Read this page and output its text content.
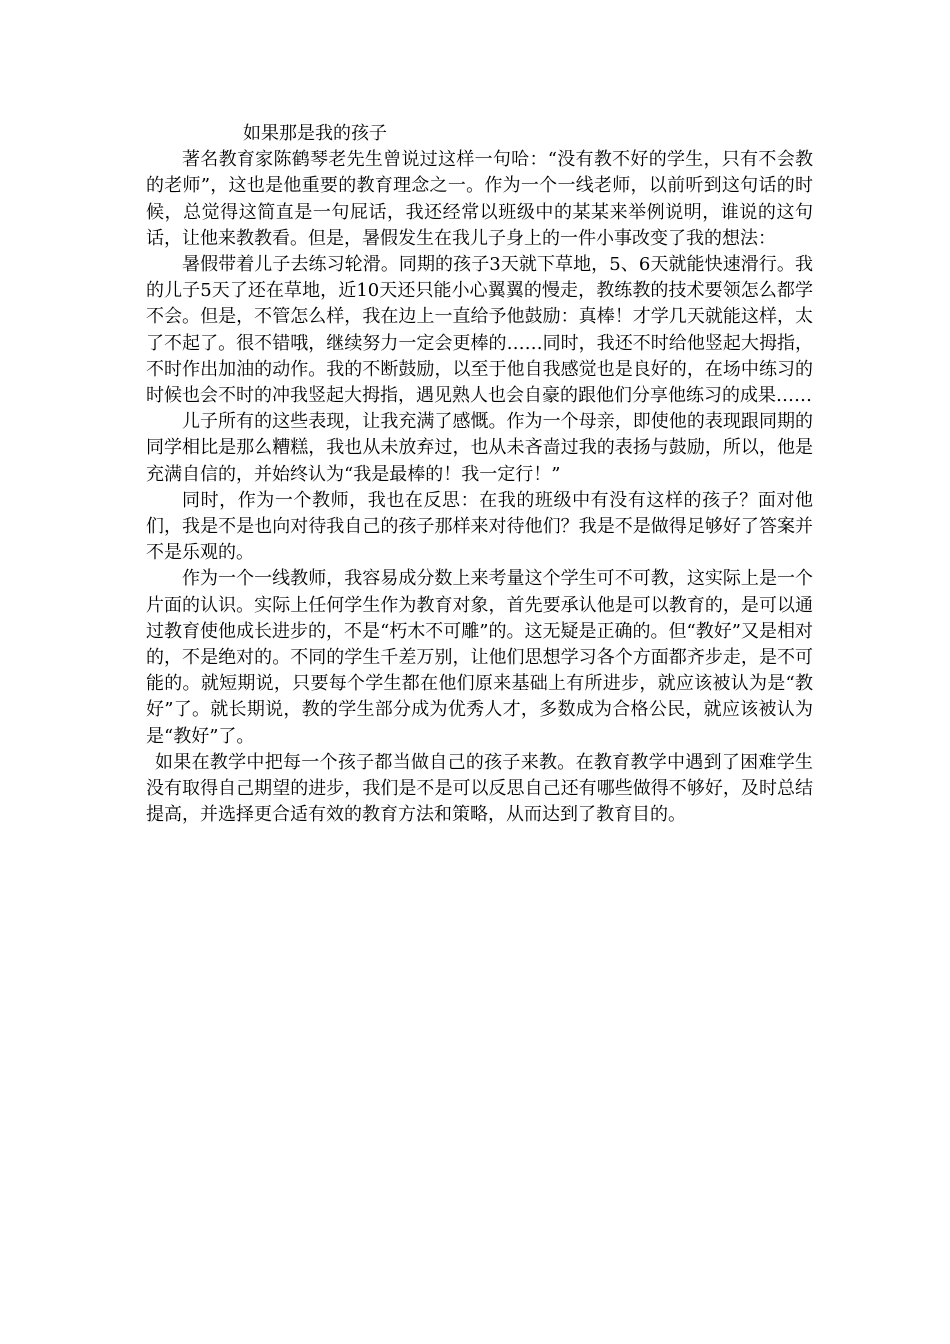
如果那是我的孩子

著名教育家陈鹤琴老先生曾说过这样一句哈：“没有教不好的学生，只有不会教的老师”，这也是他重要的教育理念之一。作为一个一线老师，以前听到这句话的时候，总觉得这简直是一句屁话，我还经常以班级中的某某来举例说明，谁说的这句话，让他来教教看。但是，暑假发生在我儿子身上的一件小事改变了我的想法：

暑假带着儿子去练习轮滑。同期的孩子3天就下草地，5、6天就能快速滑行。我的儿子5天了还在草地，近10天还只能小心翼翼的慢走，教练教的技术要领怎么都学不会。但是，不管怎么样，我在边上一直给予他鼓励：真棒！才学几天就能这样，太了不起了。很不错哦，继续努力一定会更棒的……同时，我还不时给他竖起大拇指，不时作出加油的动作。我的不断鼓励，以至于他自我感觉也是良好的，在场中练习的时候也会不时的冲我竖起大拇指，遇见熟人也会自豪的跟他们分享他练习的成果……

儿子所有的这些表现，让我充满了感慨。作为一个母亲，即使他的表现跟同期的同学相比是那么糟糕，我也从未放弃过，也从未吝啬过我的表扬与鼓励，所以，他是充满自信的，并始终认为“我是最棒的！我一定行！”

同时，作为一个教师，我也在反思：在我的班级中有没有这样的孩子？面对他们，我是不是也向对待我自己的孩子那样来对待他们？我是不是做得足够好了答案并不是乐观的。

作为一个一线教师，我容易成分数上来考量这个学生可不可教，这实际上是一个片面的认识。实际上任何学生作为教育对象，首先要承认他是可以教育的，是可以通过教育使他成长进步的，不是“朽木不可雕”的。这无疑是正确的。但“教好”又是相对的，不是绝对的。不同的学生千差万别，让他们思想学习各个方面都齐步走，是不可能的。就短期说，只要每个学生都在他们原来基础上有所进步，就应该被认为是“教好”了。就长期说，教的学生部分成为优秀人才，多数成为合格公民，就应该被认为是“教好”了。

如果在教学中把每一个孩子都当做自己的孩子来教。在教育教学中遇到了困难学生没有取得自己期望的进步，我们是不是可以反思自己还有哪些做得不够好，及时总结提高，并选择更合适有效的教育方法和策略，从而达到了教育目的。
